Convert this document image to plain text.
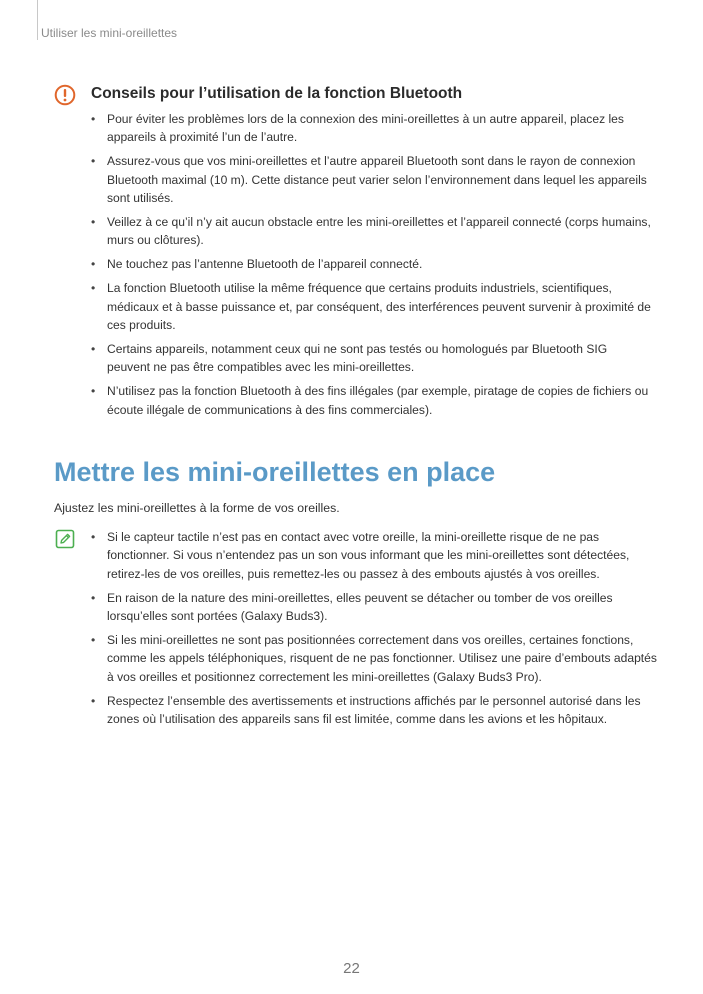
Utiliser les mini-oreillettes
Conseils pour l’utilisation de la fonction Bluetooth
• Pour éviter les problèmes lors de la connexion des mini-oreillettes à un autre appareil, placez les appareils à proximité l’un de l’autre.
• Assurez-vous que vos mini-oreillettes et l’autre appareil Bluetooth sont dans le rayon de connexion Bluetooth maximal (10 m). Cette distance peut varier selon l’environnement dans lequel les appareils sont utilisés.
• Veillez à ce qu’il n’y ait aucun obstacle entre les mini-oreillettes et l’appareil connecté (corps humains, murs ou clôtures).
• Ne touchez pas l’antenne Bluetooth de l’appareil connecté.
• La fonction Bluetooth utilise la même fréquence que certains produits industriels, scientifiques, médicaux et à basse puissance et, par conséquent, des interférences peuvent survenir à proximité de ces produits.
• Certains appareils, notamment ceux qui ne sont pas testés ou homologués par Bluetooth SIG peuvent ne pas être compatibles avec les mini-oreillettes.
• N’utilisez pas la fonction Bluetooth à des fins illégales (par exemple, piratage de copies de fichiers ou écoute illégale de communications à des fins commerciales).
Mettre les mini-oreillettes en place
Ajustez les mini-oreillettes à la forme de vos oreilles.
• Si le capteur tactile n’est pas en contact avec votre oreille, la mini-oreillette risque de ne pas fonctionner. Si vous n’entendez pas un son vous informant que les mini-oreillettes sont détectées, retirez-les de vos oreilles, puis remettez-les ou passez à des embouts ajustés à vos oreilles.
• En raison de la nature des mini-oreillettes, elles peuvent se détacher ou tomber de vos oreilles lorsqu’elles sont portées (Galaxy Buds3).
• Si les mini-oreillettes ne sont pas positionnées correctement dans vos oreilles, certaines fonctions, comme les appels téléphoniques, risquent de ne pas fonctionner. Utilisez une paire d’embouts adaptés à vos oreilles et positionnez correctement les mini-oreillettes (Galaxy Buds3 Pro).
• Respectez l’ensemble des avertissements et instructions affichés par le personnel autorisé dans les zones où l’utilisation des appareils sans fil est limitée, comme dans les avions et les hôpitaux.
22
